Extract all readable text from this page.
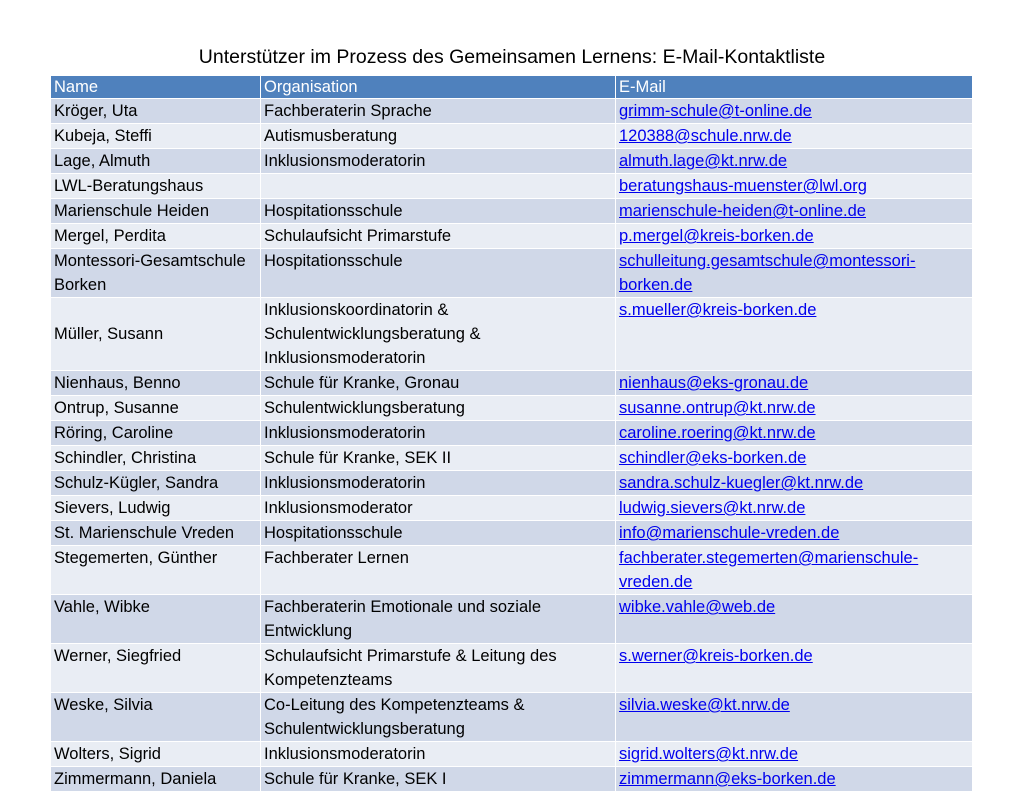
Unterstützer im Prozess des Gemeinsamen Lernens: E-Mail-Kontaktliste
Name	Organisation	E-Mail
Kröger, Uta	Fachberaterin Sprache	grimm-schule@t-online.de
Kubeja, Steffi	Autismusberatung	120388@schule.nrw.de
Lage, Almuth	Inklusionsmoderatorin	almuth.lage@kt.nrw.de
LWL-Beratungshaus		beratungshaus-muenster@lwl.org
Marienschule Heiden	Hospitationsschule	marienschule-heiden@t-online.de
Mergel, Perdita	Schulaufsicht Primarstufe	p.mergel@kreis-borken.de
Montessori-Gesamtschule Borken	Hospitationsschule	schulleitung.gesamtschule@montessori-borken.de
Müller, Susann	Inklusionskoordinatorin & Schulentwicklungsberatung & Inklusionsmoderatorin	s.mueller@kreis-borken.de
Nienhaus, Benno	Schule für Kranke, Gronau	nienhaus@eks-gronau.de
Ontrup, Susanne	Schulentwicklungsberatung	susanne.ontrup@kt.nrw.de
Röring, Caroline	Inklusionsmoderatorin	caroline.roering@kt.nrw.de
Schindler, Christina	Schule für Kranke, SEK II	schindler@eks-borken.de
Schulz-Kügler, Sandra	Inklusionsmoderatorin	sandra.schulz-kuegler@kt.nrw.de
Sievers, Ludwig	Inklusionsmoderator	ludwig.sievers@kt.nrw.de
St. Marienschule Vreden	Hospitationsschule	info@marienschule-vreden.de
Stegemerten, Günther	Fachberater Lernen	fachberater.stegemerten@marienschule-vreden.de
Vahle, Wibke	Fachberaterin Emotionale und soziale Entwicklung	wibke.vahle@web.de
Werner, Siegfried	Schulaufsicht Primarstufe & Leitung des Kompetenzteams	s.werner@kreis-borken.de
Weske, Silvia	Co-Leitung des Kompetenzteams & Schulentwicklungsberatung	silvia.weske@kt.nrw.de
Wolters, Sigrid	Inklusionsmoderatorin	sigrid.wolters@kt.nrw.de
Zimmermann, Daniela	Schule für Kranke, SEK I	zimmermann@eks-borken.de
